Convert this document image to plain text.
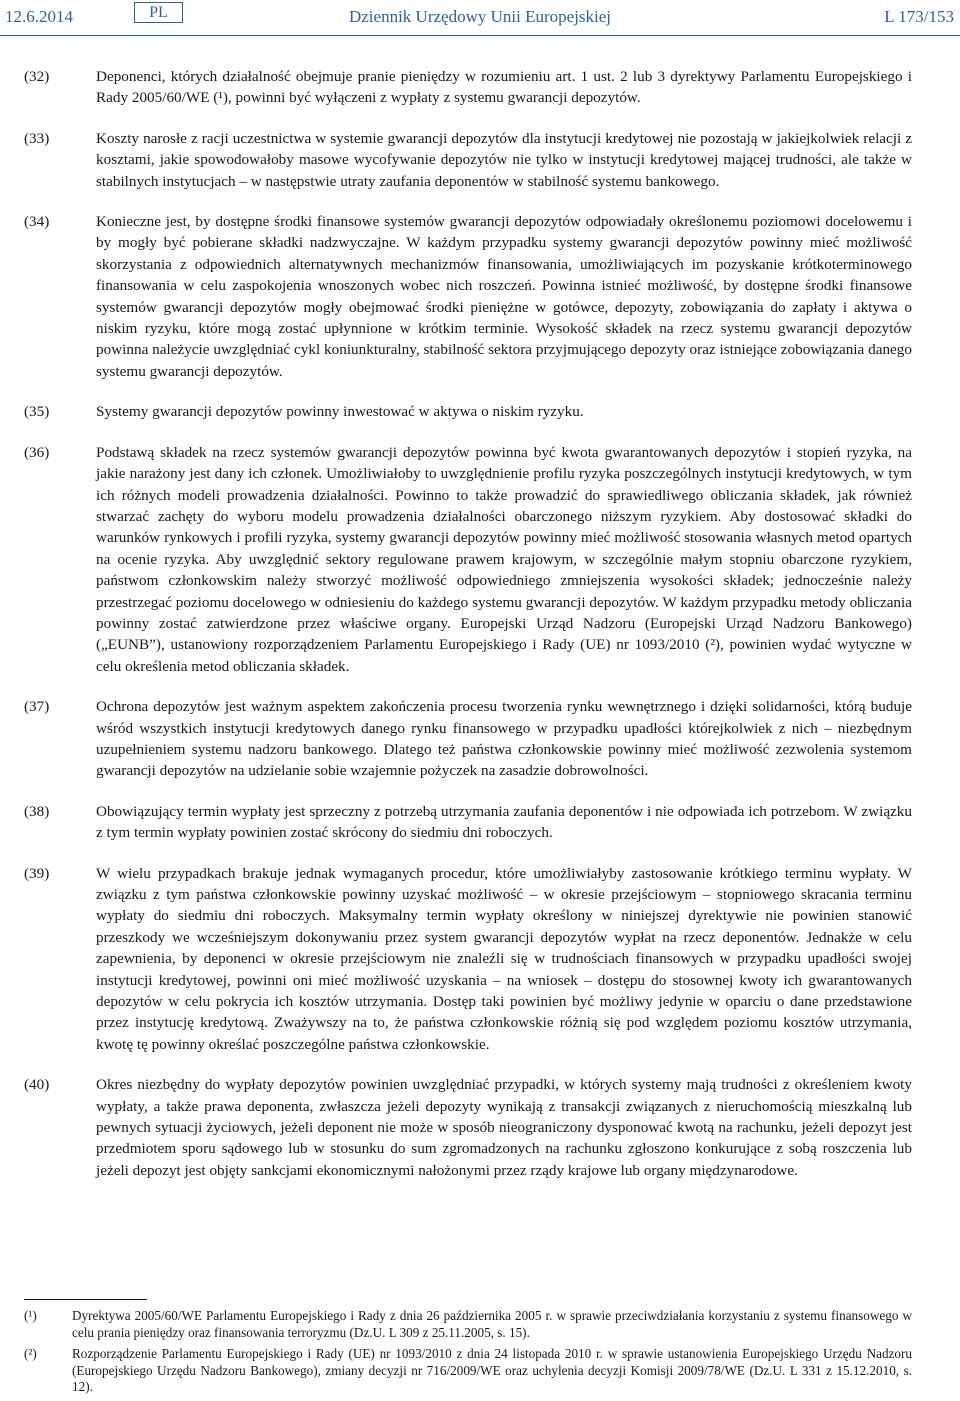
12.6.2014	PL	Dziennik Urzędowy Unii Europejskiej	L 173/153
(32)	Deponenci, których działalność obejmuje pranie pieniędzy w rozumieniu art. 1 ust. 2 lub 3 dyrektywy Parlamentu Europejskiego i Rady 2005/60/WE (¹), powinni być wyłączeni z wypłaty z systemu gwarancji depozytów.
(33)	Koszty narosłe z racji uczestnictwa w systemie gwarancji depozytów dla instytucji kredytowej nie pozostają w jakiejkolwiek relacji z kosztami, jakie spowodowałoby masowe wycofywanie depozytów nie tylko w instytucji kredytowej mającej trudności, ale także w stabilnych instytucjach – w następstwie utraty zaufania deponentów w stabilność systemu bankowego.
(34)	Konieczne jest, by dostępne środki finansowe systemów gwarancji depozytów odpowiadały określonemu poziomowi docelowemu i by mogły być pobierane składki nadzwyczajne. W każdym przypadku systemy gwarancji depozytów powinny mieć możliwość skorzystania z odpowiednich alternatywnych mechanizmów finansowania, umożliwiających im pozyskanie krótkoterminowego finansowania w celu zaspokojenia wnoszonych wobec nich roszczeń. Powinna istnieć możliwość, by dostępne środki finansowe systemów gwarancji depozytów mogły obejmować środki pieniężne w gotówce, depozyty, zobowiązania do zapłaty i aktywa o niskim ryzyku, które mogą zostać upłynnione w krótkim terminie. Wysokość składek na rzecz systemu gwarancji depozytów powinna należycie uwzględniać cykl koniunkturalny, stabilność sektora przyjmującego depozyty oraz istniejące zobowiązania danego systemu gwarancji depozytów.
(35)	Systemy gwarancji depozytów powinny inwestować w aktywa o niskim ryzyku.
(36)	Podstawą składek na rzecz systemów gwarancji depozytów powinna być kwota gwarantowanych depozytów i stopień ryzyka, na jakie narażony jest dany ich członek. Umożliwiałoby to uwzględnienie profilu ryzyka poszczególnych instytucji kredytowych, w tym ich różnych modeli prowadzenia działalności. Powinno to także prowadzić do sprawiedliwego obliczania składek, jak również stwarzać zachęty do wyboru modelu prowadzenia działalności obarczonego niższym ryzykiem. Aby dostosować składki do warunków rynkowych i profili ryzyka, systemy gwarancji depozytów powinny mieć możliwość stosowania własnych metod opartych na ocenie ryzyka. Aby uwzględnić sektory regulowane prawem krajowym, w szczególnie małym stopniu obarczone ryzykiem, państwom członkowskim należy stworzyć możliwość odpowiedniego zmniejszenia wysokości składek; jednocześnie należy przestrzegać poziomu docelowego w odniesieniu do każdego systemu gwarancji depozytów. W każdym przypadku metody obliczania powinny zostać zatwierdzone przez właściwe organy. Europejski Urząd Nadzoru (Europejski Urząd Nadzoru Bankowego) („EUNB”), ustanowiony rozporządzeniem Parlamentu Europejskiego i Rady (UE) nr 1093/2010 (²), powinien wydać wytyczne w celu określenia metod obliczania składek.
(37)	Ochrona depozytów jest ważnym aspektem zakończenia procesu tworzenia rynku wewnętrznego i dzięki solidarności, którą buduje wśród wszystkich instytucji kredytowych danego rynku finansowego w przypadku upadłości którejkolwiek z nich – niezbędnym uzupełnieniem systemu nadzoru bankowego. Dlatego też państwa członkowskie powinny mieć możliwość zezwolenia systemom gwarancji depozytów na udzielanie sobie wzajemnie pożyczek na zasadzie dobrowolności.
(38)	Obowiązujący termin wypłaty jest sprzeczny z potrzebą utrzymania zaufania deponentów i nie odpowiada ich potrzebom. W związku z tym termin wypłaty powinien zostać skrócony do siedmiu dni roboczych.
(39)	W wielu przypadkach brakuje jednak wymaganych procedur, które umożliwiałyby zastosowanie krótkiego terminu wypłaty. W związku z tym państwa członkowskie powinny uzyskać możliwość – w okresie przejściowym – stopniowego skracania terminu wypłaty do siedmiu dni roboczych. Maksymalny termin wypłaty określony w niniejszej dyrektywie nie powinien stanowić przeszkody we wcześniejszym dokonywaniu przez system gwarancji depozytów wypłat na rzecz deponentów. Jednakże w celu zapewnienia, by deponenci w okresie przejściowym nie znaleźli się w trudnościach finansowych w przypadku upadłości swojej instytucji kredytowej, powinni oni mieć możliwość uzyskania – na wniosek – dostępu do stosownej kwoty ich gwarantowanych depozytów w celu pokrycia ich kosztów utrzymania. Dostęp taki powinien być możliwy jedynie w oparciu o dane przedstawione przez instytucję kredytową. Zważywszy na to, że państwa członkowskie różnią się pod względem poziomu kosztów utrzymania, kwotę tę powinny określać poszczególne państwa członkowskie.
(40)	Okres niezbędny do wypłaty depozytów powinien uwzględniać przypadki, w których systemy mają trudności z określeniem kwoty wypłaty, a także prawa deponenta, zwłaszcza jeżeli depozyty wynikają z transakcji związanych z nieruchomością mieszkalną lub pewnych sytuacji życiowych, jeżeli deponent nie może w sposób nieograniczony dysponować kwotą na rachunku, jeżeli depozyt jest przedmiotem sporu sądowego lub w stosunku do sum zgromadzonych na rachunku zgłoszono konkurujące z sobą roszczenia lub jeżeli depozyt jest objęty sankcjami ekonomicznymi nałożonymi przez rządy krajowe lub organy międzynarodowe.
(¹)	Dyrektywa 2005/60/WE Parlamentu Europejskiego i Rady z dnia 26 października 2005 r. w sprawie przeciwdziałania korzystaniu z systemu finansowego w celu prania pieniędzy oraz finansowania terroryzmu (Dz.U. L 309 z 25.11.2005, s. 15).
(²)	Rozporządzenie Parlamentu Europejskiego i Rady (UE) nr 1093/2010 z dnia 24 listopada 2010 r. w sprawie ustanowienia Europejskiego Urzędu Nadzoru (Europejskiego Urzędu Nadzoru Bankowego), zmiany decyzji nr 716/2009/WE oraz uchylenia decyzji Komisji 2009/78/WE (Dz.U. L 331 z 15.12.2010, s. 12).
